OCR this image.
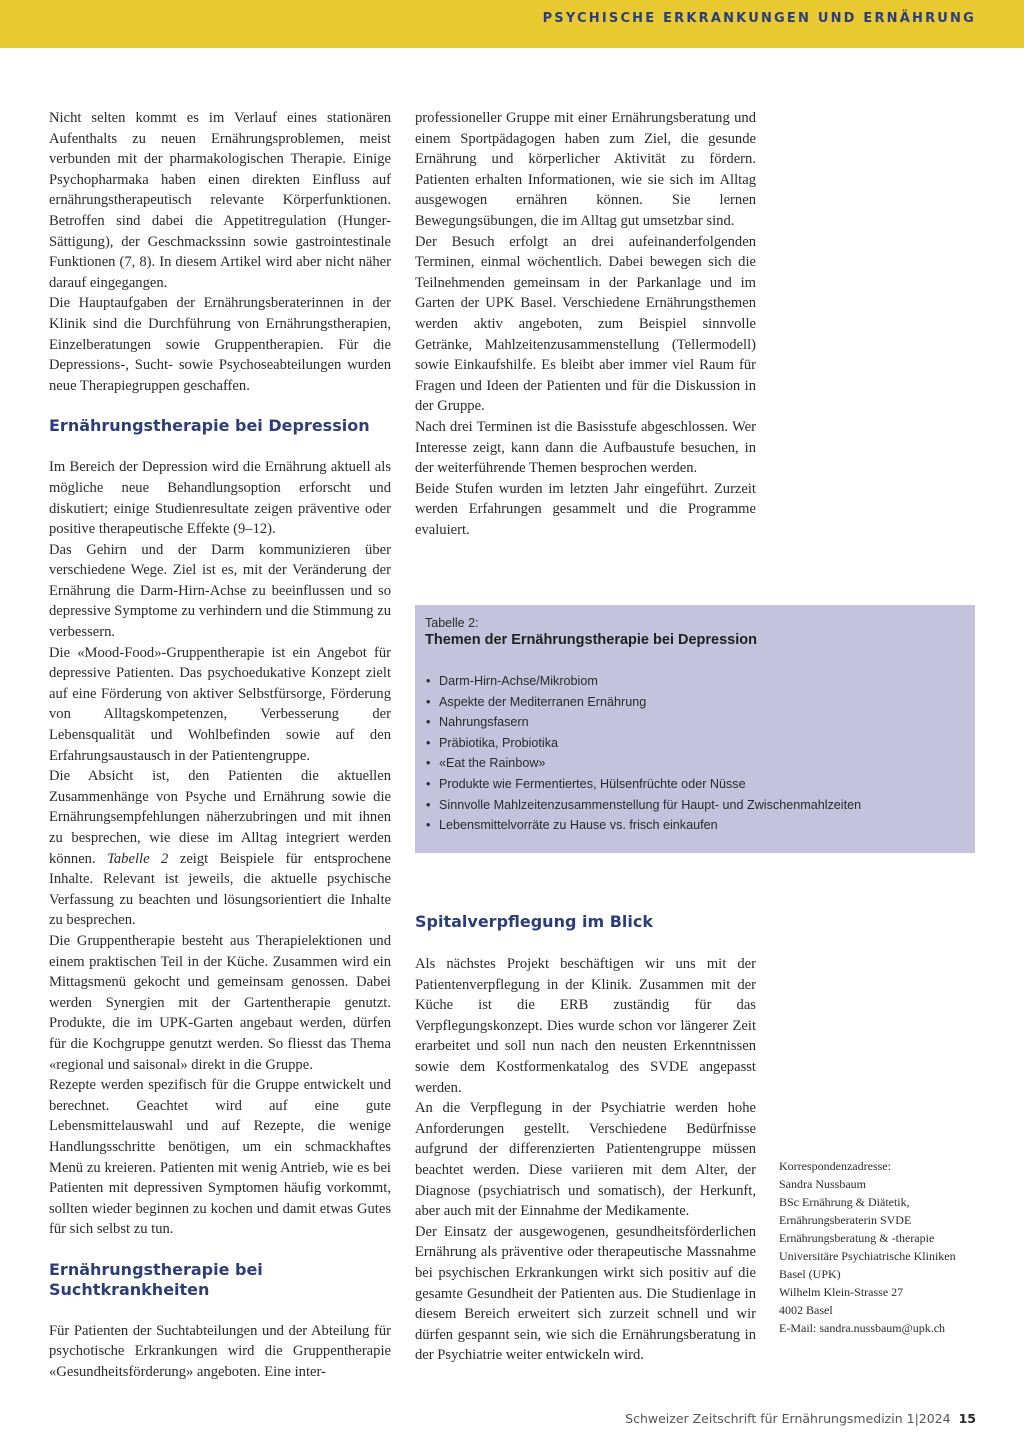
PSYCHISCHE ERKRANKUNGEN UND ERNÄHRUNG

Nicht selten kommt es im Verlauf eines stationären Aufenthalts zu neuen Ernährungsproblemen, meist verbunden mit der pharmakologischen Therapie. Einige Psychopharmaka haben einen direkten Einfluss auf ernährungstherapeutisch relevante Körperfunktionen. Betroffen sind dabei die Appetitregulation (Hunger-Sättigung), der Geschmackssinn sowie gastrointestinale Funktionen (7, 8). In diesem Artikel wird aber nicht näher darauf eingegangen.

Die Hauptaufgaben der Ernährungsberaterinnen in der Klinik sind die Durchführung von Ernährungstherapien, Einzelberatungen sowie Gruppentherapien. Für die Depressions-, Sucht- sowie Psychoseabteilungen wurden neue Therapiegruppen geschaffen.

Ernährungstherapie bei Depression

Im Bereich der Depression wird die Ernährung aktuell als mögliche neue Behandlungsoption erforscht und diskutiert; einige Studienresultate zeigen präventive oder positive therapeutische Effekte (9–12).

Das Gehirn und der Darm kommunizieren über verschiedene Wege. Ziel ist es, mit der Veränderung der Ernährung die Darm-Hirn-Achse zu beeinflussen und so depressive Symptome zu verhindern und die Stimmung zu verbessern.

Die «Mood-Food»-Gruppentherapie ist ein Angebot für depressive Patienten. Das psychoedukative Konzept zielt auf eine Förderung von aktiver Selbstfürsorge, Förderung von Alltagskompetenzen, Verbesserung der Lebensqualität und Wohlbefinden sowie auf den Erfahrungsaustausch in der Patientengruppe.

Die Absicht ist, den Patienten die aktuellen Zusammenhänge von Psyche und Ernährung sowie die Ernährungsempfehlungen näherzubringen und mit ihnen zu besprechen, wie diese im Alltag integriert werden können. Tabelle 2 zeigt Beispiele für entsprochene Inhalte. Relevant ist jeweils, die aktuelle psychische Verfassung zu beachten und lösungsorientiert die Inhalte zu besprechen.

Die Gruppentherapie besteht aus Therapielektionen und einem praktischen Teil in der Küche. Zusammen wird ein Mittagsmenü gekocht und gemeinsam genossen. Dabei werden Synergien mit der Gartentherapie genutzt. Produkte, die im UPK-Garten angebaut werden, dürfen für die Kochgruppe genutzt werden. So fliesst das Thema «regional und saisonal» direkt in die Gruppe.

Rezepte werden spezifisch für die Gruppe entwickelt und berechnet. Geachtet wird auf eine gute Lebensmittelauswahl und auf Rezepte, die wenige Handlungsschritte benötigen, um ein schmackhaftes Menü zu kreieren. Patienten mit wenig Antrieb, wie es bei Patienten mit depressiven Symptomen häufig vorkommt, sollten wieder beginnen zu kochen und damit etwas Gutes für sich selbst zu tun.

Ernährungstherapie bei Suchtkrankheiten

Für Patienten der Suchtabteilungen und der Abteilung für psychotische Erkrankungen wird die Gruppentherapie «Gesundheitsförderung» angeboten. Eine inter-

professioneller Gruppe mit einer Ernährungsberatung und einem Sportpädagogen haben zum Ziel, die gesunde Ernährung und körperlicher Aktivität zu fördern. Patienten erhalten Informationen, wie sie sich im Alltag ausgewogen ernähren können. Sie lernen Bewegungsübungen, die im Alltag gut umsetzbar sind.

Der Besuch erfolgt an drei aufeinanderfolgenden Terminen, einmal wöchentlich. Dabei bewegen sich die Teilnehmenden gemeinsam in der Parkanlage und im Garten der UPK Basel. Verschiedene Ernährungsthemen werden aktiv angeboten, zum Beispiel sinnvolle Getränke, Mahlzeitenzusammenstellung (Tellermodell) sowie Einkaufshilfe. Es bleibt aber immer viel Raum für Fragen und Ideen der Patienten und für die Diskussion in der Gruppe.

Nach drei Terminen ist die Basisstufe abgeschlossen. Wer Interesse zeigt, kann dann die Aufbaustufe besuchen, in der weiterführende Themen besprochen werden.

Beide Stufen wurden im letzten Jahr eingeführt. Zurzeit werden Erfahrungen gesammelt und die Programme evaluiert.

Tabelle 2:
Themen der Ernährungstherapie bei Depression
• Darm-Hirn-Achse/Mikrobiom
• Aspekte der Mediterranen Ernährung
• Nahrungsfasern
• Präbiotika, Probiotika
• «Eat the Rainbow»
• Produkte wie Fermentiertes, Hülsenfrüchte oder Nüsse
• Sinnvolle Mahlzeitenzusammenstellung für Haupt- und Zwischenmahlzeiten
• Lebensmittelvorräte zu Hause vs. frisch einkaufen
Spitalverpflegung im Blick

Als nächstes Projekt beschäftigen wir uns mit der Patientenverpflegung in der Klinik. Zusammen mit der Küche ist die ERB zuständig für das Verpflegungskonzept. Dies wurde schon vor längerer Zeit erarbeitet und soll nun nach den neusten Erkenntnissen sowie dem Kostformenkatalog des SVDE angepasst werden.

An die Verpflegung in der Psychiatrie werden hohe Anforderungen gestellt. Verschiedene Bedürfnisse aufgrund der differenzierten Patientengruppe müssen beachtet werden. Diese variieren mit dem Alter, der Diagnose (psychiatrisch und somatisch), der Herkunft, aber auch mit der Einnahme der Medikamente.

Der Einsatz der ausgewogenen, gesundheitsförderlichen Ernährung als präventive oder therapeutische Massnahme bei psychischen Erkrankungen wirkt sich positiv auf die gesamte Gesundheit der Patienten aus. Die Studienlage in diesem Bereich erweitert sich zurzeit schnell und wir dürfen gespannt sein, wie sich die Ernährungsberatung in der Psychiatrie weiter entwickeln wird.

Korrespondenzadresse:
Sandra Nussbaum
BSc Ernährung & Diätetik,
Ernährungsberaterin SVDE
Ernährungsberatung & -therapie
Universitäre Psychiatrische Kliniken
Basel (UPK)
Wilhelm Klein-Strasse 27
4002 Basel
E-Mail: sandra.nussbaum@upk.ch
Schweizer Zeitschrift für Ernährungsmedizin 1|2024 15
